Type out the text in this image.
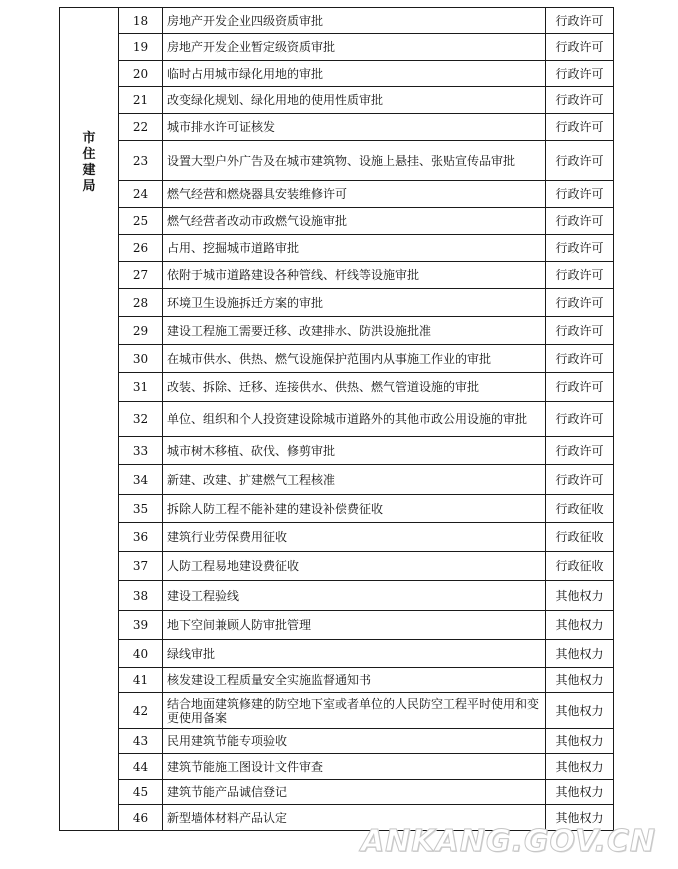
市住建局	18	房地产开发企业四级资质审批	行政许可
	19	房地产开发企业暂定级资质审批	行政许可
	20	临时占用城市绿化用地的审批	行政许可
	21	改变绿化规划、绿化用地的使用性质审批	行政许可
	22	城市排水许可证核发	行政许可
	23	设置大型户外广告及在城市建筑物、设施上悬挂、张贴宣传品审批	行政许可
	24	燃气经营和燃烧器具安装维修许可	行政许可
	25	燃气经营者改动市政燃气设施审批	行政许可
	26	占用、挖掘城市道路审批	行政许可
	27	依附于城市道路建设各种管线、杆线等设施审批	行政许可
	28	环境卫生设施拆迁方案的审批	行政许可
	29	建设工程施工需要迁移、改建排水、防洪设施批准	行政许可
	30	在城市供水、供热、燃气设施保护范围内从事施工作业的审批	行政许可
	31	改装、拆除、迁移、连接供水、供热、燃气管道设施的审批	行政许可
	32	单位、组织和个人投资建设除城市道路外的其他市政公用设施的审批	行政许可
	33	城市树木移植、砍伐、修剪审批	行政许可
	34	新建、改建、扩建燃气工程核准	行政许可
	35	拆除人防工程不能补建的建设补偿费征收	行政征收
	36	建筑行业劳保费用征收	行政征收
	37	人防工程易地建设费征收	行政征收
	38	建设工程验线	其他权力
	39	地下空间兼顾人防审批管理	其他权力
	40	绿线审批	其他权力
	41	核发建设工程质量安全实施监督通知书	其他权力
	42	结合地面建筑修建的防空地下室或者单位的人民防空工程平时使用和变更使用备案	其他权力
	43	民用建筑节能专项验收	其他权力
	44	建筑节能施工图设计文件审查	其他权力
	45	建筑节能产品诚信登记	其他权力
	46	新型墙体材料产品认定	其他权力
ANKANG.GOV.CN
